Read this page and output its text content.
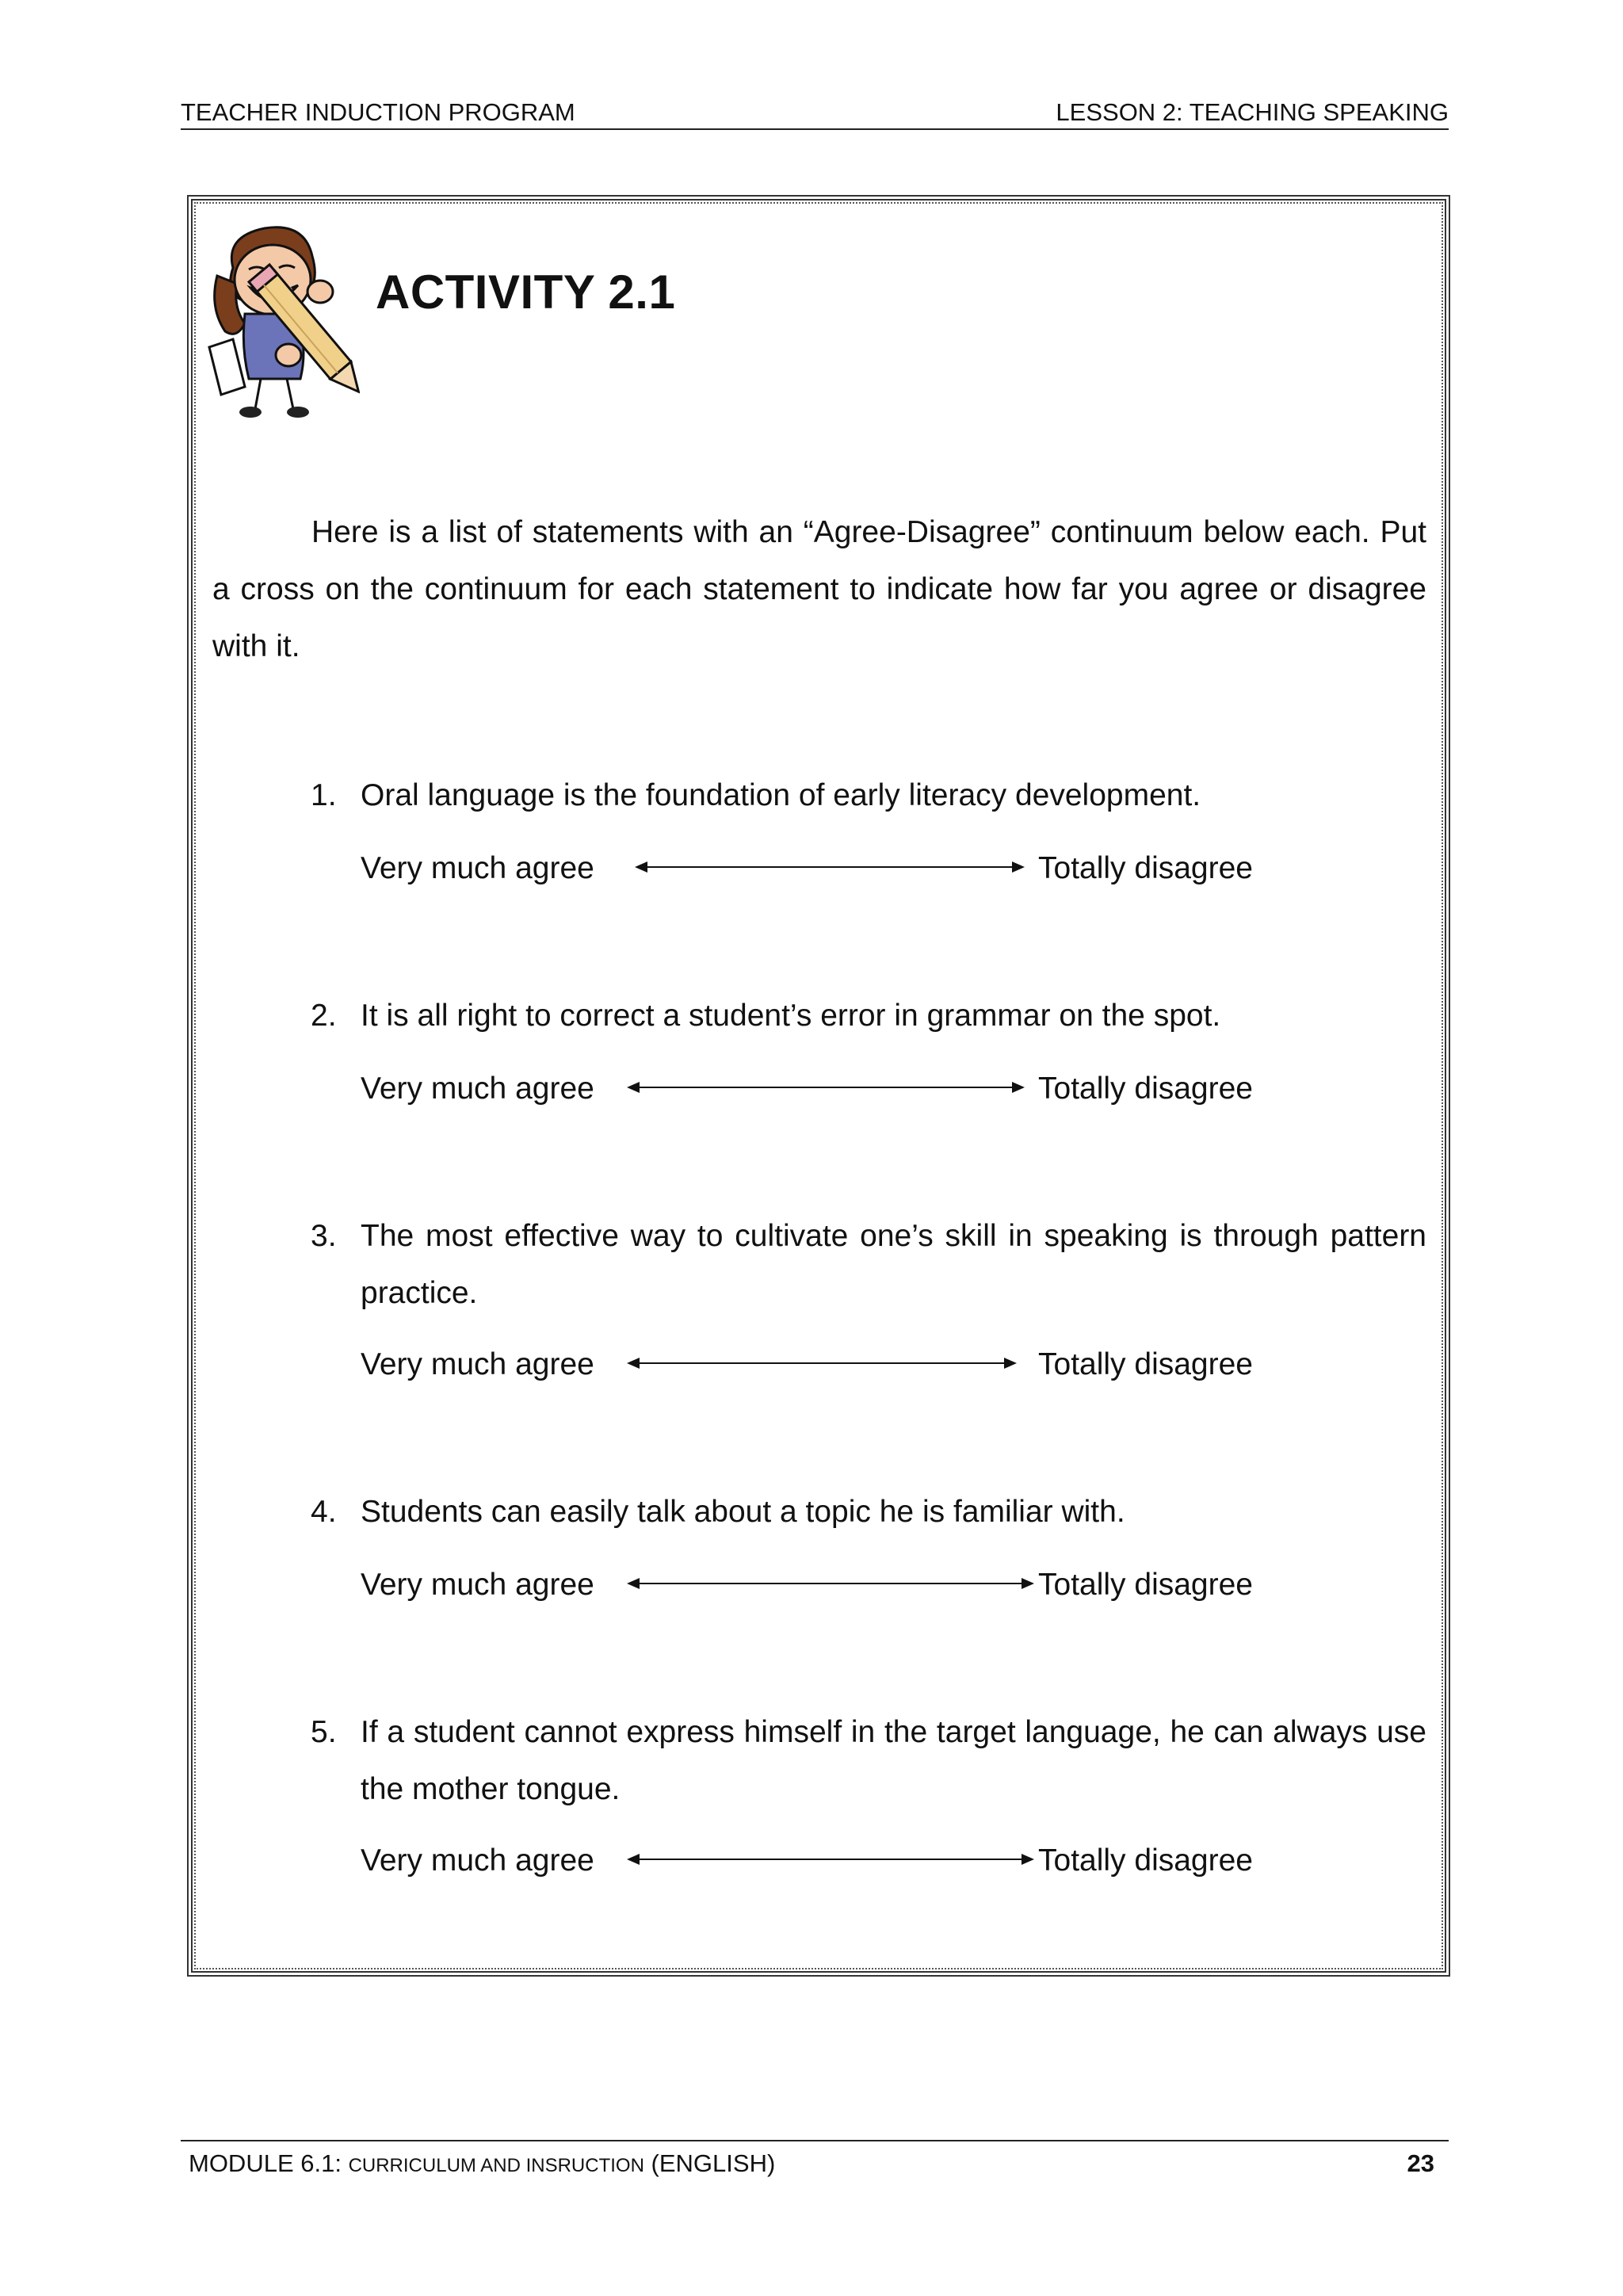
TEACHER INDUCTION PROGRAM	LESSON 2: TEACHING SPEAKING
ACTIVITY 2.1
Here is a list of statements with an “Agree-Disagree” continuum below each. Put a cross on the continuum for each statement to indicate how far you agree or disagree with it.
1. Oral language is the foundation of early literacy development.
Very much agree	Totally disagree
2. It is all right to correct a student’s error in grammar on the spot.
Very much agree	Totally disagree
3. The most effective way to cultivate one’s skill in speaking is through pattern practice.
Very much agree	Totally disagree
4. Students can easily talk about a topic he is familiar with.
Very much agree	Totally disagree
5. If a student cannot express himself in the target language, he can always use the mother tongue.
Very much agree	Totally disagree
MODULE 6.1: CURRICULUM AND INSRUCTION (ENGLISH)	23
